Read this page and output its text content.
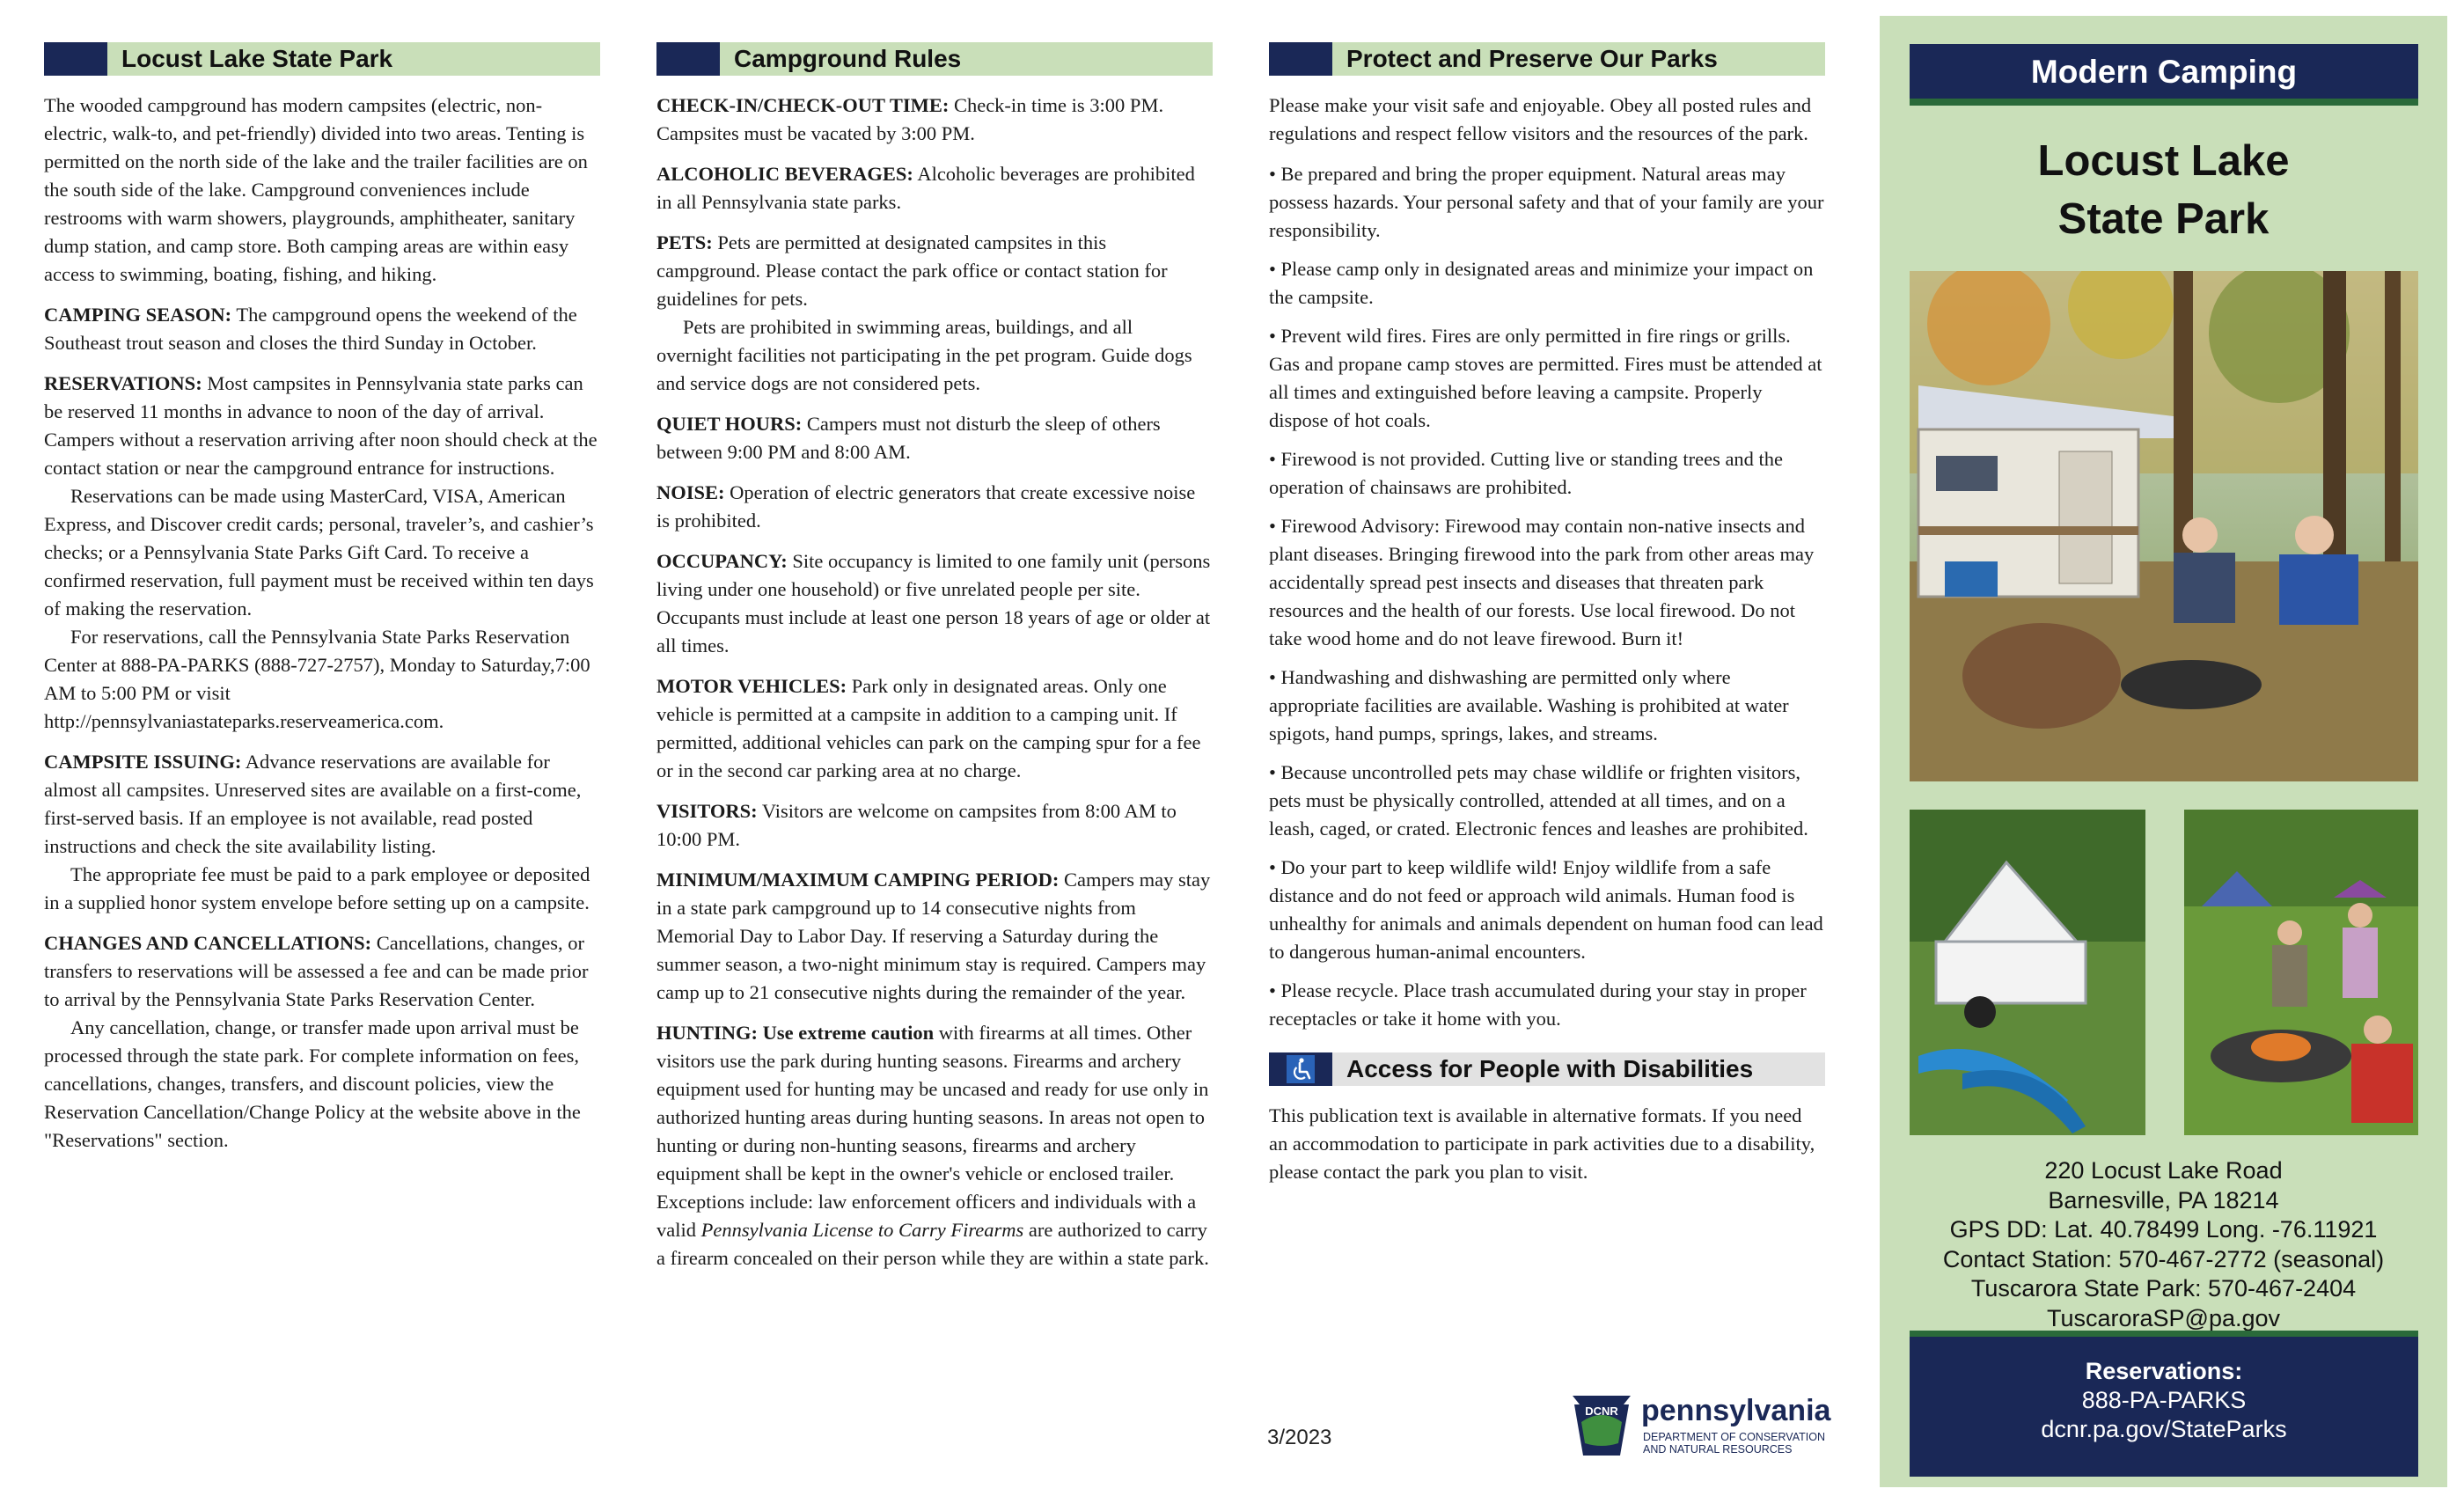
Locust Lake State Park

The wooded campground has modern campsites (electric, non-electric, walk-to, and pet-friendly) divided into two areas. Tenting is permitted on the north side of the lake and the trailer facilities are on the south side of the lake. Campground conveniences include restrooms with warm showers, playgrounds, amphitheater, sanitary dump station, and camp store. Both camping areas are within easy access to swimming, boating, fishing, and hiking.

CAMPING SEASON: The campground opens the weekend of the Southeast trout season and closes the third Sunday in October.

RESERVATIONS: Most campsites in Pennsylvania state parks can be reserved 11 months in advance to noon of the day of arrival. Campers without a reservation arriving after noon should check at the contact station or near the campground entrance for instructions.

Reservations can be made using MasterCard, VISA, American Express, and Discover credit cards; personal, traveler’s, and cashier’s checks; or a Pennsylvania State Parks Gift Card. To receive a confirmed reservation, full payment must be received within ten days of making the reservation.

For reservations, call the Pennsylvania State Parks Reservation Center at 888-PA-PARKS (888-727-2757), Monday to Saturday,7:00 AM to 5:00 PM or visit http://pennsylvaniastateparks.reserveamerica.com.

CAMPSITE ISSUING: Advance reservations are available for almost all campsites. Unreserved sites are available on a first-come, first-served basis. If an employee is not available, read posted instructions and check the site availability listing.

The appropriate fee must be paid to a park employee or deposited in a supplied honor system envelope before setting up on a campsite.

CHANGES AND CANCELLATIONS: Cancellations, changes, or transfers to reservations will be assessed a fee and can be made prior to arrival by the Pennsylvania State Parks Reservation Center.

Any cancellation, change, or transfer made upon arrival must be processed through the state park. For complete information on fees, cancellations, changes, transfers, and discount policies, view the Reservation Cancellation/Change Policy at the website above in the "Reservations" section.

Campground Rules

CHECK-IN/CHECK-OUT TIME: Check-in time is 3:00 PM. Campsites must be vacated by 3:00 PM.

ALCOHOLIC BEVERAGES: Alcoholic beverages are prohibited in all Pennsylvania state parks.

PETS: Pets are permitted at designated campsites in this campground. Please contact the park office or contact station for guidelines for pets.

Pets are prohibited in swimming areas, buildings, and all overnight facilities not participating in the pet program. Guide dogs and service dogs are not considered pets.

QUIET HOURS: Campers must not disturb the sleep of others between 9:00 PM and 8:00 AM.

NOISE: Operation of electric generators that create excessive noise is prohibited.

OCCUPANCY: Site occupancy is limited to one family unit (persons living under one household) or five unrelated people per site. Occupants must include at least one person 18 years of age or older at all times.

MOTOR VEHICLES: Park only in designated areas. Only one vehicle is permitted at a campsite in addition to a camping unit. If permitted, additional vehicles can park on the camping spur for a fee or in the second car parking area at no charge.

VISITORS: Visitors are welcome on campsites from 8:00 AM to 10:00 PM.

MINIMUM/MAXIMUM CAMPING PERIOD: Campers may stay in a state park campground up to 14 consecutive nights from Memorial Day to Labor Day. If reserving a Saturday during the summer season, a two-night minimum stay is required. Campers may camp up to 21 consecutive nights during the remainder of the year.

HUNTING: Use extreme caution with firearms at all times. Other visitors use the park during hunting seasons. Firearms and archery equipment used for hunting may be uncased and ready for use only in authorized hunting areas during hunting seasons. In areas not open to hunting or during non-hunting seasons, firearms and archery equipment shall be kept in the owner's vehicle or enclosed trailer. Exceptions include: law enforcement officers and individuals with a valid Pennsylvania License to Carry Firearms are authorized to carry a firearm concealed on their person while they are within a state park.

Protect and Preserve Our Parks

Please make your visit safe and enjoyable. Obey all posted rules and regulations and respect fellow visitors and the resources of the park.

• Be prepared and bring the proper equipment. Natural areas may possess hazards. Your personal safety and that of your family are your responsibility.

• Please camp only in designated areas and minimize your impact on the campsite.

• Prevent wild fires. Fires are only permitted in fire rings or grills. Gas and propane camp stoves are permitted. Fires must be attended at all times and extinguished before leaving a campsite. Properly dispose of hot coals.

• Firewood is not provided. Cutting live or standing trees and the operation of chainsaws are prohibited.

• Firewood Advisory: Firewood may contain non-native insects and plant diseases. Bringing firewood into the park from other areas may accidentally spread pest insects and diseases that threaten park resources and the health of our forests. Use local firewood. Do not take wood home and do not leave firewood. Burn it!

• Handwashing and dishwashing are permitted only where appropriate facilities are available. Washing is prohibited at water spigots, hand pumps, springs, lakes, and streams.

• Because uncontrolled pets may chase wildlife or frighten visitors, pets must be physically controlled, attended at all times, and on a leash, caged, or crated. Electronic fences and leashes are prohibited.

• Do your part to keep wildlife wild! Enjoy wildlife from a safe distance and do not feed or approach wild animals. Human food is unhealthy for animals and animals dependent on human food can lead to dangerous human-animal encounters.

• Please recycle. Place trash accumulated during your stay in proper receptacles or take it home with you.

Access for People with Disabilities

This publication text is available in alternative formats. If you need an accommodation to participate in park activities due to a disability, please contact the park you plan to visit.

3/2023
DCNR pennsylvania
DEPARTMENT OF CONSERVATION
AND NATURAL RESOURCES
Modern Camping
Locust Lake
State Park
220 Locust Lake Road
Barnesville, PA 18214
GPS DD: Lat. 40.78499 Long. -76.11921
Contact Station: 570-467-2772 (seasonal)
Tuscarora State Park: 570-467-2404
TuscaroraSP@pa.gov
Reservations:
888-PA-PARKS
dcnr.pa.gov/StateParks
